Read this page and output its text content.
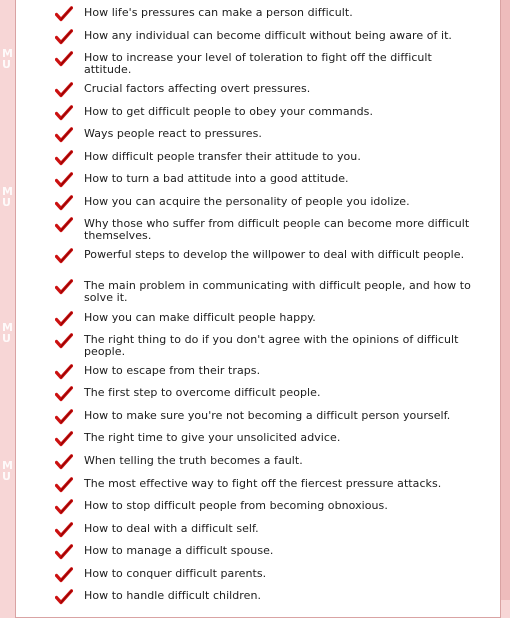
M
U
M
U
M
U
M
U
How life's pressures can make a person difficult.
How any individual can become difficult without being aware of it.
How to increase your level of toleration to fight off the difficult attitude.
Crucial factors affecting overt pressures.
How to get difficult people to obey your commands.
Ways people react to pressures.
How difficult people transfer their attitude to you.
How to turn a bad attitude into a good attitude.
How you can acquire the personality of people you idolize.
Why those who suffer from difficult people can become more difficult themselves.
Powerful steps to develop the willpower to deal with difficult people.
The main problem in communicating with difficult people, and how to solve it.
How you can make difficult people happy.
The right thing to do if you don't agree with the opinions of difficult people.
How to escape from their traps.
The first step to overcome difficult people.
How to make sure you're not becoming a difficult person yourself.
The right time to give your unsolicited advice.
When telling the truth becomes a fault.
The most effective way to fight off the fiercest pressure attacks.
How to stop difficult people from becoming obnoxious.
How to deal with a difficult self.
How to manage a difficult spouse.
How to conquer difficult parents.
How to handle difficult children.
